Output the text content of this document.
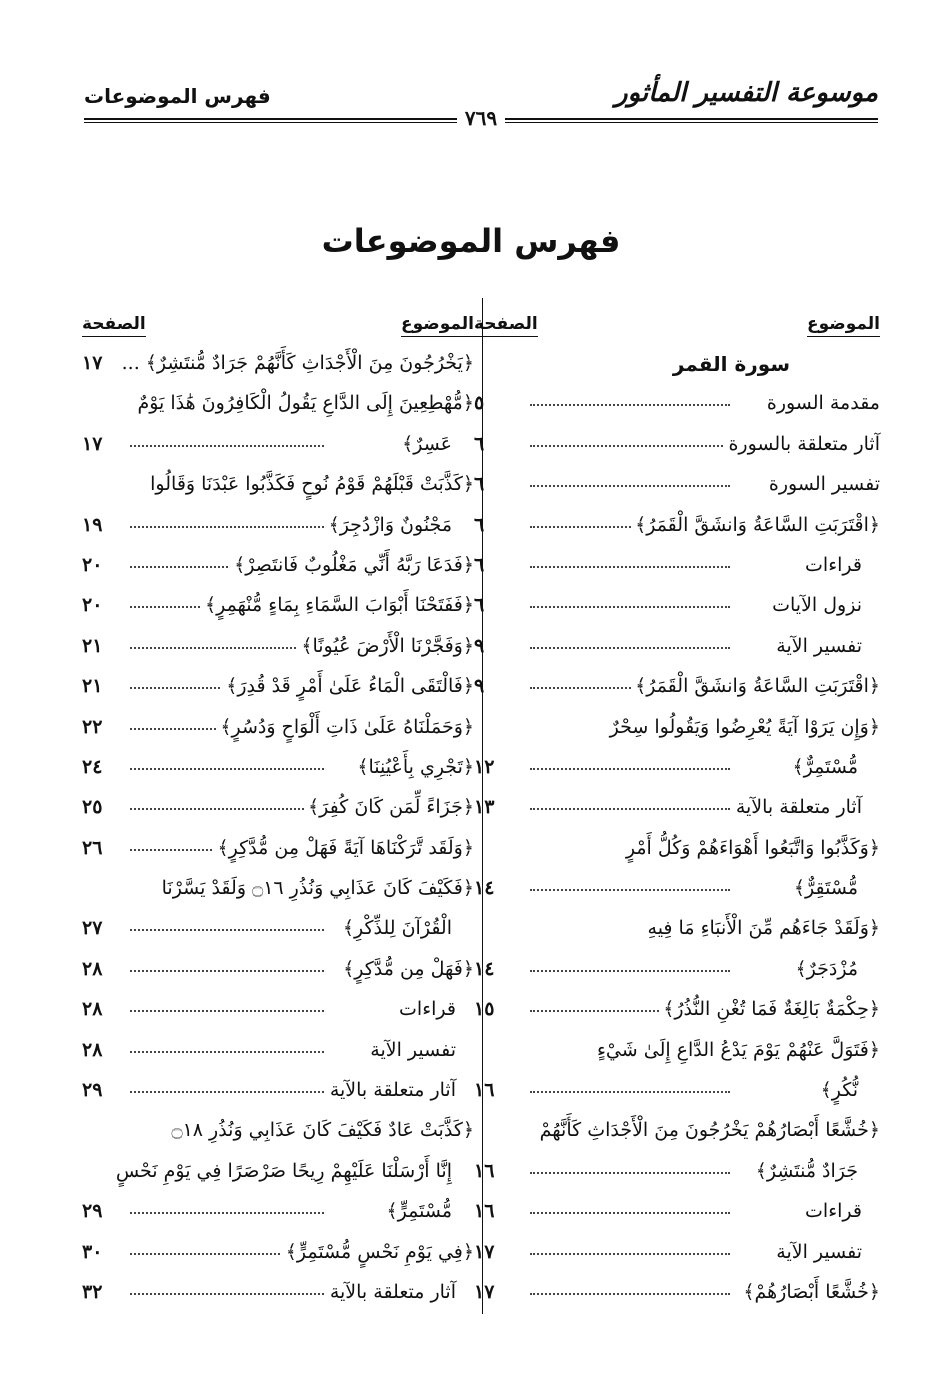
موسوعة التفسير المأثور
فهرس الموضوعات
٧٦٩
فهرس الموضوعات
الموضوع
الصفحة
سورة القمر
مقدمة السورة
٥
آثار متعلقة بالسورة
٦
تفسير السورة
٦
﴿اقْتَرَبَتِ السَّاعَةُ وَانشَقَّ الْقَمَرُ﴾
٦
قراءات
٦
نزول الآيات
٦
تفسير الآية
٩
﴿اقْتَرَبَتِ السَّاعَةُ وَانشَقَّ الْقَمَرُ﴾
٩
﴿وَإِن يَرَوْا آيَةً يُعْرِضُوا وَيَقُولُوا سِحْرٌ
مُّسْتَمِرٌّ﴾
١٢
آثار متعلقة بالآية
١٣
﴿وَكَذَّبُوا وَاتَّبَعُوا أَهْوَاءَهُمْ وَكُلُّ أَمْرٍ
مُّسْتَقِرٌّ﴾
١٤
﴿وَلَقَدْ جَاءَهُم مِّنَ الْأَنبَاءِ مَا فِيهِ
مُزْدَجَرٌ﴾
١٤
﴿حِكْمَةٌ بَالِغَةٌ فَمَا تُغْنِ النُّذُرُ﴾
١٥
﴿فَتَوَلَّ عَنْهُمْ يَوْمَ يَدْعُ الدَّاعِ إِلَىٰ شَيْءٍ
نُّكُرٍ﴾
١٦
﴿خُشَّعًا أَبْصَارُهُمْ يَخْرُجُونَ مِنَ الْأَجْدَاثِ كَأَنَّهُمْ
جَرَادٌ مُّنتَشِرٌ﴾
١٦
قراءات
١٦
تفسير الآية
١٧
﴿خُشَّعًا أَبْصَارُهُمْ﴾
١٧
الموضوع
الصفحة
﴿يَخْرُجُونَ مِنَ الْأَجْدَاثِ كَأَنَّهُمْ جَرَادٌ مُّنتَشِرٌ﴾ ...
١٧
﴿مُّهْطِعِينَ إِلَى الدَّاعِ يَقُولُ الْكَافِرُونَ هَٰذَا يَوْمٌ
عَسِرٌ﴾
١٧
﴿كَذَّبَتْ قَبْلَهُمْ قَوْمُ نُوحٍ فَكَذَّبُوا عَبْدَنَا وَقَالُوا
مَجْنُونٌ وَازْدُجِرَ﴾
١٩
﴿فَدَعَا رَبَّهُ أَنِّي مَغْلُوبٌ فَانتَصِرْ﴾
٢٠
﴿فَفَتَحْنَا أَبْوَابَ السَّمَاءِ بِمَاءٍ مُّنْهَمِرٍ﴾
٢٠
﴿وَفَجَّرْنَا الْأَرْضَ عُيُونًا﴾
٢١
﴿فَالْتَقَى الْمَاءُ عَلَىٰ أَمْرٍ قَدْ قُدِرَ﴾
٢١
﴿وَحَمَلْنَاهُ عَلَىٰ ذَاتِ أَلْوَاحٍ وَدُسُرٍ﴾
٢٢
﴿تَجْرِي بِأَعْيُنِنَا﴾
٢٤
﴿جَزَاءً لِّمَن كَانَ كُفِرَ﴾
٢٥
﴿وَلَقَد تَّرَكْنَاهَا آيَةً فَهَلْ مِن مُّدَّكِرٍ﴾
٢٦
﴿فَكَيْفَ كَانَ عَذَابِي وَنُذُرِ ۝١٦ وَلَقَدْ يَسَّرْنَا
الْقُرْآنَ لِلذِّكْرِ﴾
٢٧
﴿فَهَلْ مِن مُّدَّكِرٍ﴾
٢٨
قراءات
٢٨
تفسير الآية
٢٨
آثار متعلقة بالآية
٢٩
﴿كَذَّبَتْ عَادٌ فَكَيْفَ كَانَ عَذَابِي وَنُذُرِ ۝١٨
إِنَّا أَرْسَلْنَا عَلَيْهِمْ رِيحًا صَرْصَرًا فِي يَوْمِ نَحْسٍ
مُّسْتَمِرٍّ﴾
٢٩
﴿فِي يَوْمِ نَحْسٍ مُّسْتَمِرٍّ﴾
٣٠
آثار متعلقة بالآية
٣٢
